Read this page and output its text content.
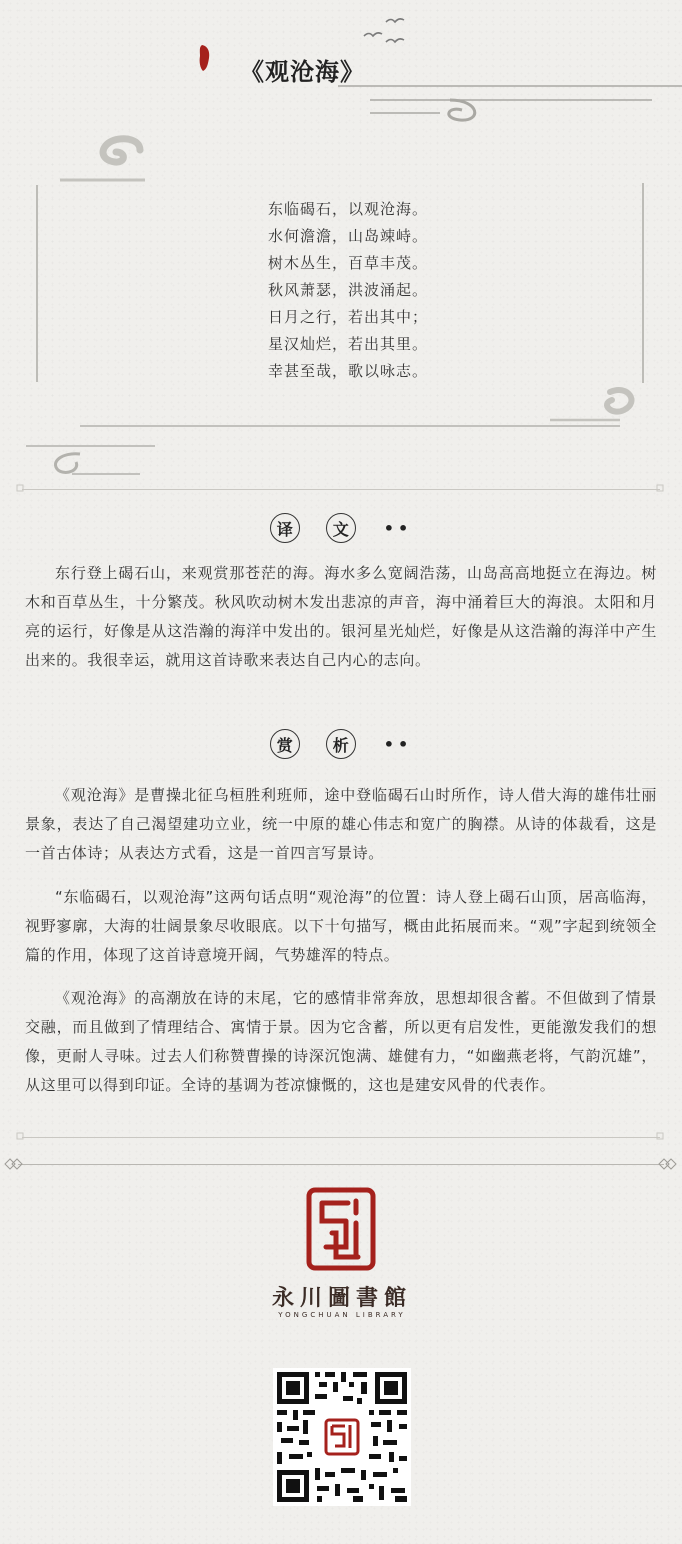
《观沧海》
东临碣石，以观沧海。
水何澹澹，山岛竦峙。
树木丛生，百草丰茂。
秋风萧瑟，洪波涌起。
日月之行，若出其中；
星汉灿烂，若出其里。
幸甚至哉，歌以咏志。
译	文	••
东行登上碣石山，来观赏那苍茫的海。海水多么宽阔浩荡，山岛高高地挺立在海边。树木和百草丛生，十分繁茂。秋风吹动树木发出悲凉的声音，海中涌着巨大的海浪。太阳和月亮的运行，好像是从这浩瀚的海洋中发出的。银河星光灿烂，好像是从这浩瀚的海洋中产生出来的。我很幸运，就用这首诗歌来表达自己内心的志向。
赏	析	••
《观沧海》是曹操北征乌桓胜利班师，途中登临碣石山时所作，诗人借大海的雄伟壮丽景象，表达了自己渴望建功立业，统一中原的雄心伟志和宽广的胸襟。从诗的体裁看，这是一首古体诗；从表达方式看，这是一首四言写景诗。
“东临碣石，以观沧海”这两句话点明“观沧海”的位置：诗人登上碣石山顶，居高临海，视野寥廓，大海的壮阔景象尽收眼底。以下十句描写，概由此拓展而来。“观”字起到统领全篇的作用，体现了这首诗意境开阔，气势雄浑的特点。
《观沧海》的高潮放在诗的末尾，它的感情非常奔放，思想却很含蓄。不但做到了情景交融，而且做到了情理结合、寓情于景。因为它含蓄，所以更有启发性，更能激发我们的想像，更耐人寻味。过去人们称赞曹操的诗深沉饱满、雄健有力，“如幽燕老将，气韵沉雄”，从这里可以得到印证。全诗的基调为苍凉慷慨的，这也是建安风骨的代表作。
永川圖書館
YONGCHUAN LIBRARY
